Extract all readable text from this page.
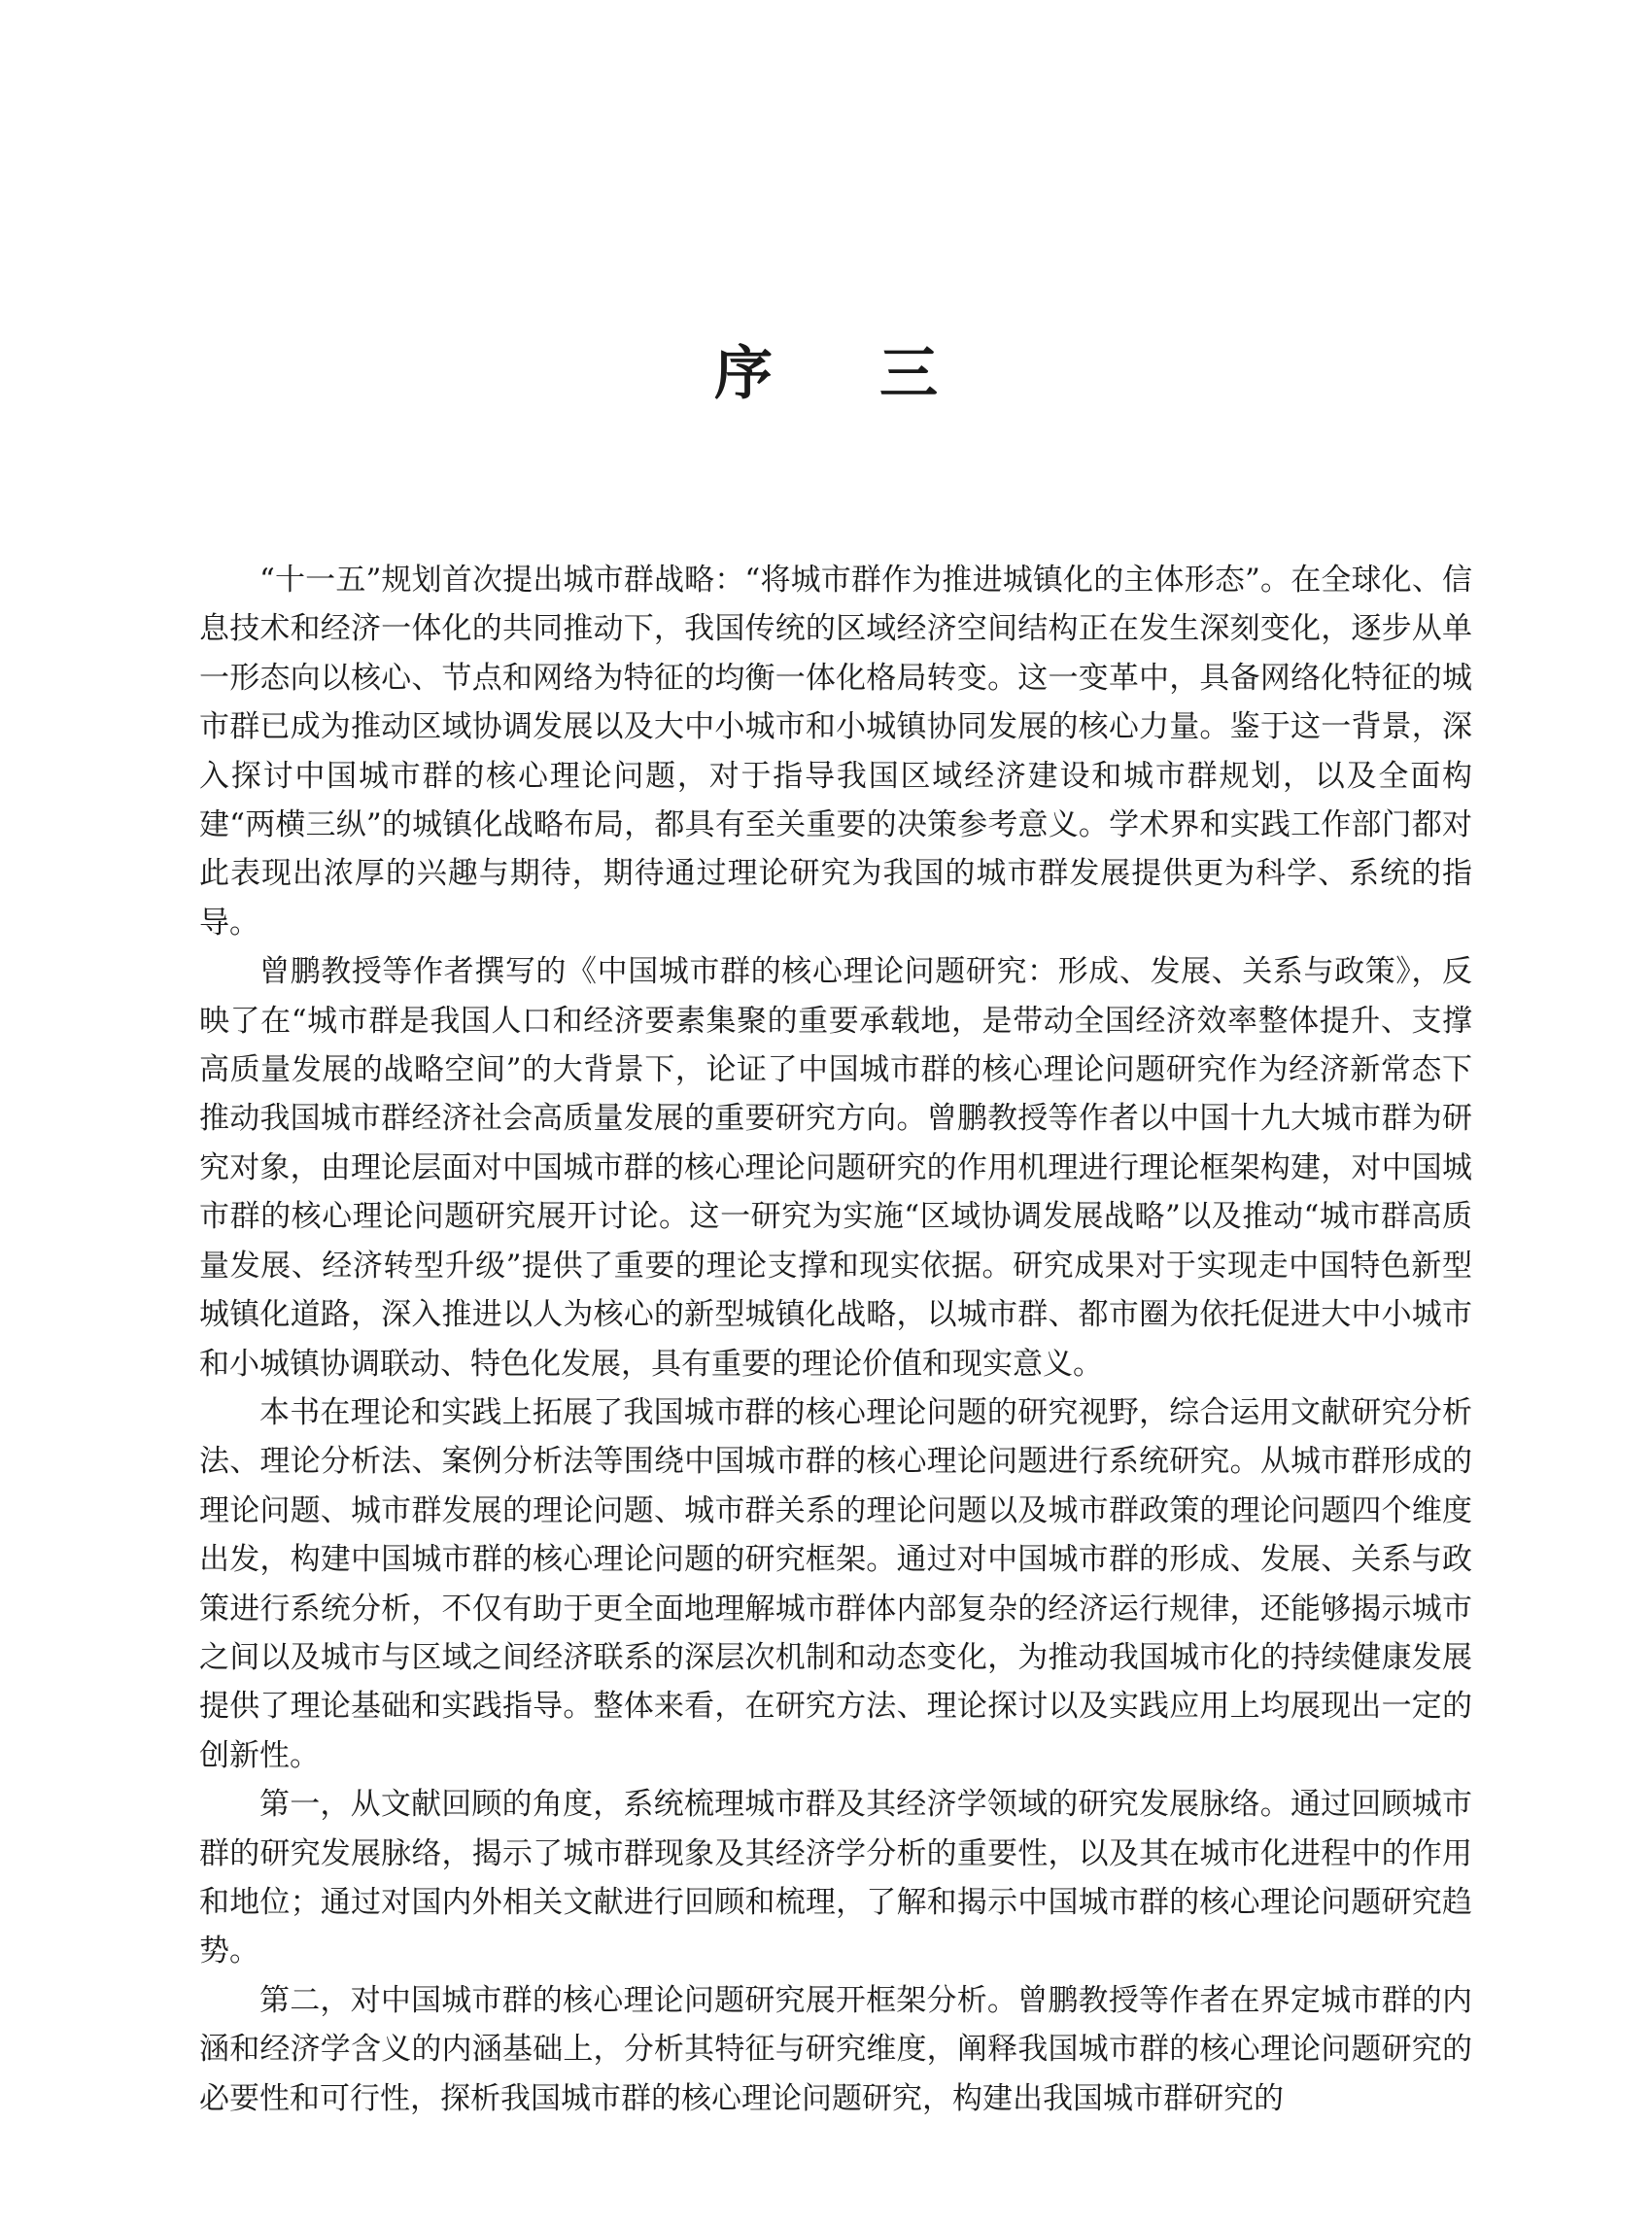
序 三

“十一五”规划首次提出城市群战略：“将城市群作为推进城镇化的主体形态”。在全球化、信息技术和经济一体化的共同推动下，我国传统的区域经济空间结构正在发生深刻变化，逐步从单一形态向以核心、节点和网络为特征的均衡一体化格局转变。这一变革中，具备网络化特征的城市群已成为推动区域协调发展以及大中小城市和小城镇协同发展的核心力量。鉴于这一背景，深入探讨中国城市群的核心理论问题，对于指导我国区域经济建设和城市群规划，以及全面构建“两横三纵”的城镇化战略布局，都具有至关重要的决策参考意义。学术界和实践工作部门都对此表现出浓厚的兴趣与期待，期待通过理论研究为我国的城市群发展提供更为科学、系统的指导。

曾鹏教授等作者撰写的《中国城市群的核心理论问题研究：形成、发展、关系与政策》，反映了在“城市群是我国人口和经济要素集聚的重要承载地，是带动全国经济效率整体提升、支撑高质量发展的战略空间”的大背景下，论证了中国城市群的核心理论问题研究作为经济新常态下推动我国城市群经济社会高质量发展的重要研究方向。曾鹏教授等作者以中国十九大城市群为研究对象，由理论层面对中国城市群的核心理论问题研究的作用机理进行理论框架构建，对中国城市群的核心理论问题研究展开讨论。这一研究为实施“区域协调发展战略”以及推动“城市群高质量发展、经济转型升级”提供了重要的理论支撑和现实依据。研究成果对于实现走中国特色新型城镇化道路，深入推进以人为核心的新型城镇化战略，以城市群、都市圈为依托促进大中小城市和小城镇协调联动、特色化发展，具有重要的理论价值和现实意义。

本书在理论和实践上拓展了我国城市群的核心理论问题的研究视野，综合运用文献研究分析法、理论分析法、案例分析法等围绕中国城市群的核心理论问题进行系统研究。从城市群形成的理论问题、城市群发展的理论问题、城市群关系的理论问题以及城市群政策的理论问题四个维度出发，构建中国城市群的核心理论问题的研究框架。通过对中国城市群的形成、发展、关系与政策进行系统分析，不仅有助于更全面地理解城市群体内部复杂的经济运行规律，还能够揭示城市之间以及城市与区域之间经济联系的深层次机制和动态变化，为推动我国城市化的持续健康发展提供了理论基础和实践指导。整体来看，在研究方法、理论探讨以及实践应用上均展现出一定的创新性。

第一，从文献回顾的角度，系统梳理城市群及其经济学领域的研究发展脉络。通过回顾城市群的研究发展脉络，揭示了城市群现象及其经济学分析的重要性，以及其在城市化进程中的作用和地位；通过对国内外相关文献进行回顾和梳理，了解和揭示中国城市群的核心理论问题研究趋势。

第二，对中国城市群的核心理论问题研究展开框架分析。曾鹏教授等作者在界定城市群的内涵和经济学含义的内涵基础上，分析其特征与研究维度，阐释我国城市群的核心理论问题研究的必要性和可行性，探析我国城市群的核心理论问题研究，构建出我国城市群研究的
